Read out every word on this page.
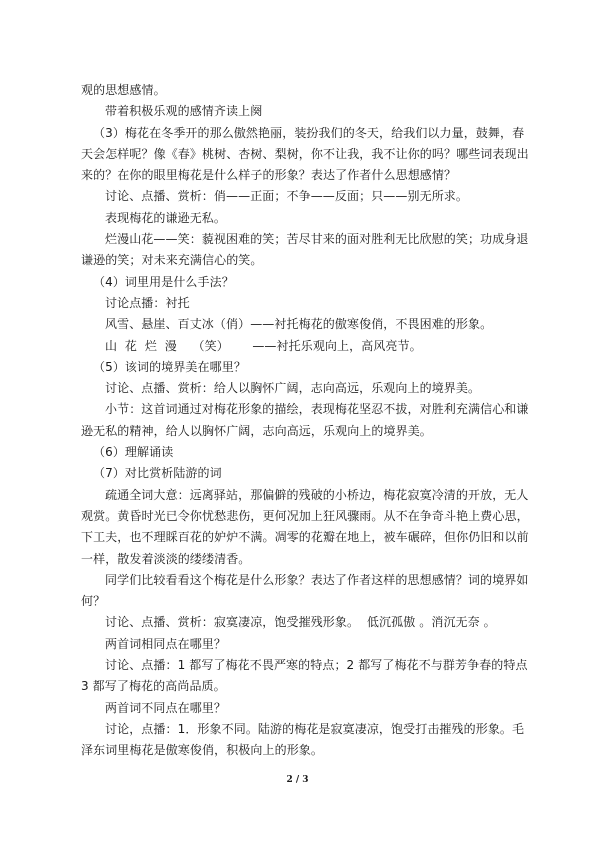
观的思想感情。

带着积极乐观的感情齐读上阕

（3）梅花在冬季开的那么傲然艳丽，装扮我们的冬天，给我们以力量，鼓舞，春天会怎样呢？像《春》桃树、杏树、梨树，你不让我，我不让你的吗？哪些词表现出来的？在你的眼里梅花是什么样子的形象？表达了作者什么思想感情？

讨论、点播、赏析：俏——正面；不争——反面；只——别无所求。

表现梅花的谦逊无私。

烂漫山花——笑：藐视困难的笑；苦尽甘来的面对胜利无比欣慰的笑；功成身退谦逊的笑；对未来充满信心的笑。

（4）词里用是什么手法？

讨论点播：衬托

风雪、悬崖、百丈冰（俏）——衬托梅花的傲寒俊俏，不畏困难的形象。

山  花  烂  漫    （笑）      ——衬托乐观向上，高风亮节。

（5）该词的境界美在哪里？

讨论、点播、赏析：给人以胸怀广阔，志向高远，乐观向上的境界美。

小节：这首词通过对梅花形象的描绘，表现梅花坚忍不拔，对胜利充满信心和谦逊无私的精神，给人以胸怀广阔，志向高远，乐观向上的境界美。

（6）理解诵读

（7）对比赏析陆游的词

疏通全词大意：远离驿站，那偏僻的残破的小桥边，梅花寂寞冷清的开放，无人观赏。黄昏时光已令你忧愁悲伤，更何况加上狂风骤雨。从不在争奇斗艳上费心思，下工夫，也不理睬百花的妒炉不满。凋零的花瓣在地上，被车碾碎，但你仍旧和以前一样，散发着淡淡的缕缕清香。

同学们比较看看这个梅花是什么形象？表达了作者这样的思想感情？词的境界如何？

讨论、点播、赏析：寂寞凄凉，饱受摧残形象。  低沉孤傲 。消沉无奈 。

两首词相同点在哪里？

讨论、点播：1 都写了梅花不畏严寒的特点；2 都写了梅花不与群芳争春的特点 3 都写了梅花的高尚品质。

两首词不同点在哪里？

讨论，点播：1．形象不同。陆游的梅花是寂寞凄凉，饱受打击摧残的形象。毛泽东词里梅花是傲寒俊俏，积极向上的形象。

2 / 3
